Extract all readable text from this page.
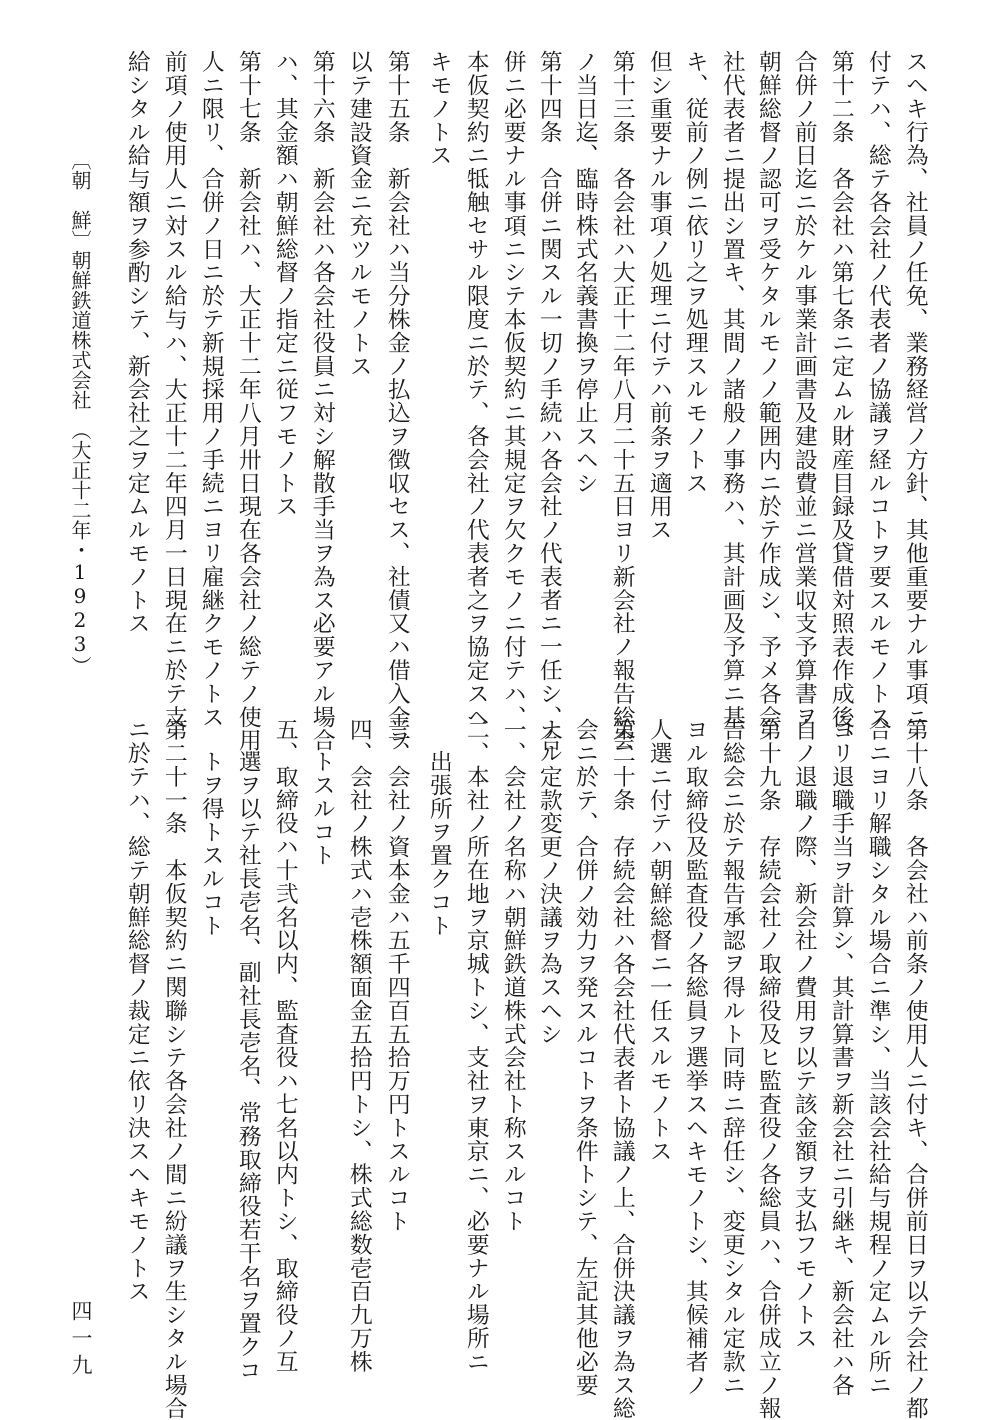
スヘキ行為、社員ノ任免、業務経営ノ方針、其他重要ナル事項ニ
付テハ、総テ各会社ノ代表者ノ協議ヲ経ルコトヲ要スルモノトス
第十二条　各会社ハ第七条ニ定ムル財産目録及貸借対照表作成後、
合併ノ前日迄ニ於ケル事業計画書及建設費並ニ営業収支予算書ヲ
朝鮮総督ノ認可ヲ受ケタルモノノ範囲内ニ於テ作成シ、予メ各会
社代表者ニ提出シ置キ、其間ノ諸般ノ事務ハ、其計画及予算ニ基
キ、従前ノ例ニ依リ之ヲ処理スルモノトス
但シ重要ナル事項ノ処理ニ付テハ前条ヲ適用ス
第十三条　各会社ハ大正十二年八月二十五日ヨリ新会社ノ報告総会
ノ当日迄、臨時株式名義書換ヲ停止スヘシ
第十四条　合併ニ関スル一切ノ手続ハ各会社ノ代表者ニ一任シ、合
併ニ必要ナル事項ニシテ本仮契約ニ其規定ヲ欠クモノニ付テハ、
本仮契約ニ牴触セサル限度ニ於テ、各会社ノ代表者之ヲ協定スヘ
キモノトス
第十五条　新会社ハ当分株金ノ払込ヲ徴収セス、社債又ハ借入金ヲ
以テ建設資金ニ充ツルモノトス
第十六条　新会社ハ各会社役員ニ対シ解散手当ヲ為ス必要アル場合
ハ、其金額ハ朝鮮総督ノ指定ニ従フモノトス
第十七条　新会社ハ、大正十二年八月卅日現在各会社ノ総テノ使用
人ニ限リ、合併ノ日ニ於テ新規採用ノ手続ニヨリ雇継クモノトス
前項ノ使用人ニ対スル給与ハ、大正十二年四月一日現在ニ於テ支
給シタル給与額ヲ参酌シテ、新会社之ヲ定ムルモノトス
第十八条　各会社ハ前条ノ使用人ニ付キ、合併前日ヲ以テ会社ノ都
合ニヨリ解職シタル場合ニ準シ、当該会社給与規程ノ定ムル所ニ
ヨリ退職手当ヲ計算シ、其計算書ヲ新会社ニ引継キ、新会社ハ各
自ノ退職ノ際、新会社ノ費用ヲ以テ該金額ヲ支払フモノトス
第十九条　存続会社ノ取締役及ヒ監査役ノ各総員ハ、合併成立ノ報
告総会ニ於テ報告承認ヲ得ルト同時ニ辞任シ、変更シタル定款ニ
ヨル取締役及監査役ノ各総員ヲ選挙スヘキモノトシ、其候補者ノ
人選ニ付テハ朝鮮総督ニ一任スルモノトス
第二十条　存続会社ハ各会社代表者ト協議ノ上、合併決議ヲ為ス総
会ニ於テ、合併ノ効力ヲ発スルコトヲ条件トシテ、左記其他必要
ナル定款変更ノ決議ヲ為スヘシ
一、会社ノ名称ハ朝鮮鉄道株式会社ト称スルコト
二、本社ノ所在地ヲ京城トシ、支社ヲ東京ニ、必要ナル場所ニ
出張所ヲ置クコト
三、会社ノ資本金ハ五千四百五拾万円トスルコト
四、会社ノ株式ハ壱株額面金五拾円トシ、株式総数壱百九万株
トスルコト
五、取締役ハ十弐名以内、監査役ハ七名以内トシ、取締役ノ互
選ヲ以テ社長壱名、副社長壱名、常務取締役若干名ヲ置クコ
トヲ得トスルコト
第二十一条　本仮契約ニ関聯シテ各会社ノ間ニ紛議ヲ生シタル場合
ニ於テハ、総テ朝鮮総督ノ裁定ニ依リ決スヘキモノトス
〔朝　鮮〕
朝鮮鉄道株式会社
（大正十二年・1923）
四一九
